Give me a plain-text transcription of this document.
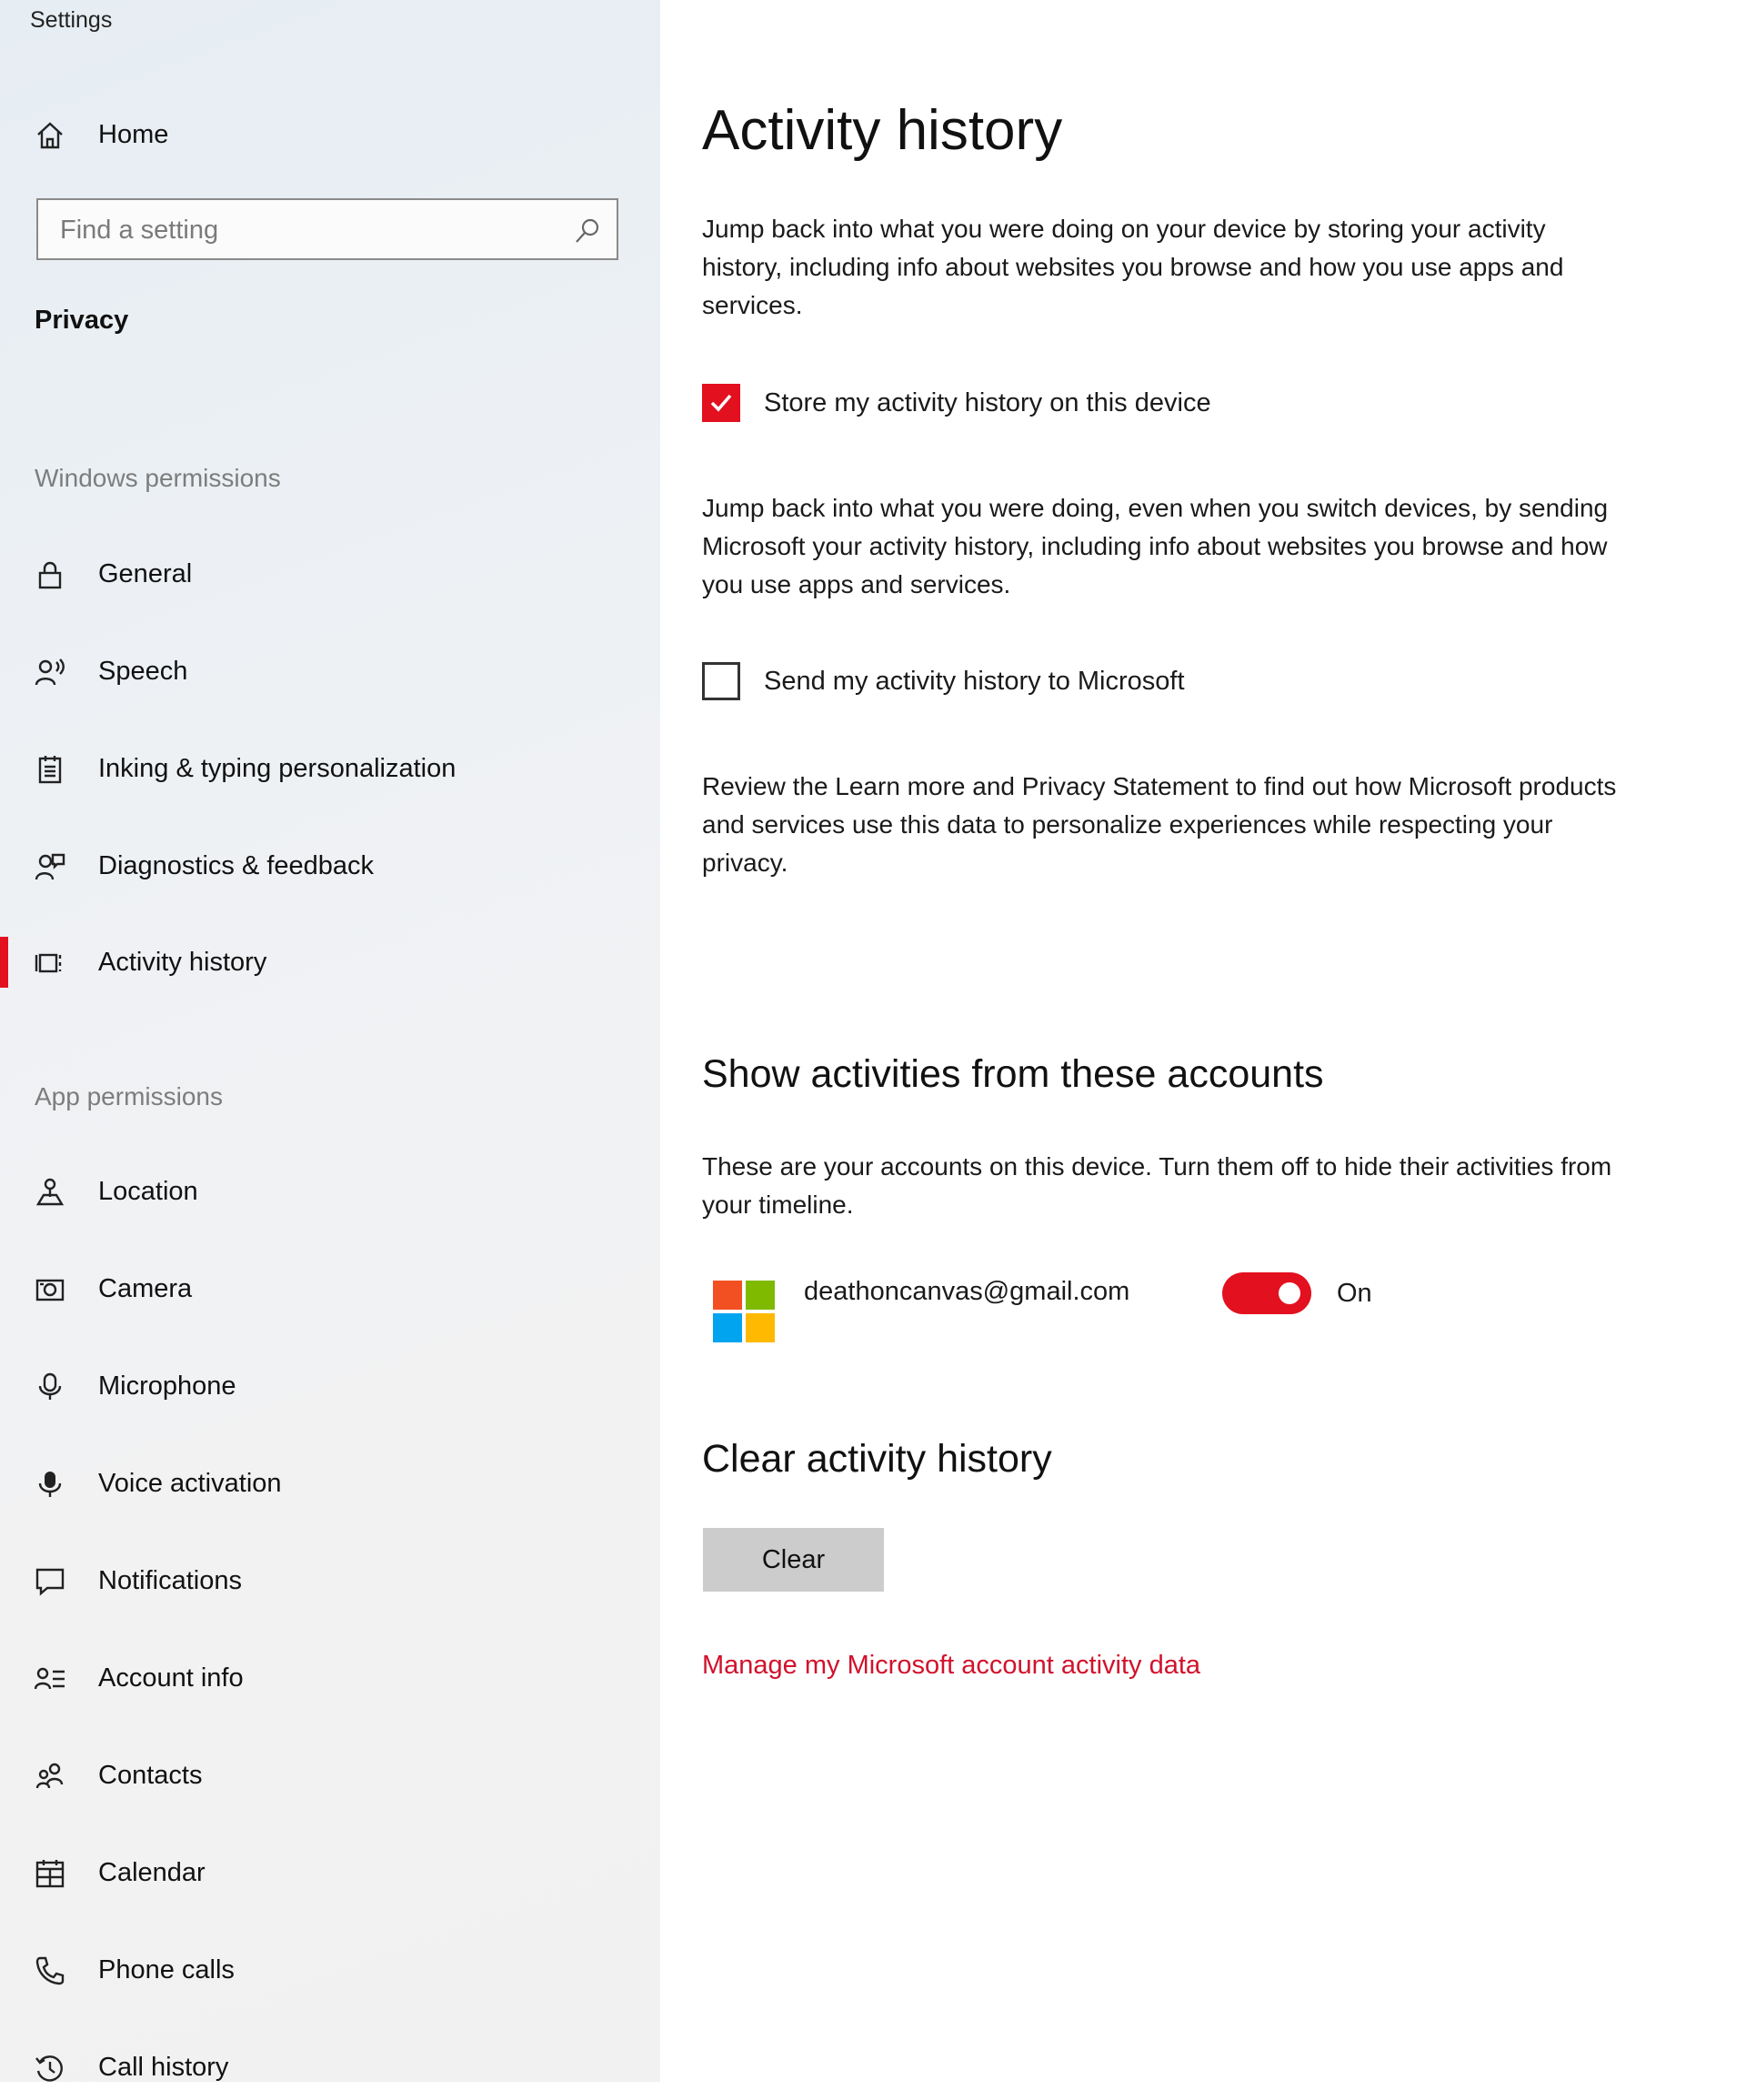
Settings
Home
Find a setting
Privacy
Windows permissions
General
Speech
Inking & typing personalization
Diagnostics & feedback
Activity history
App permissions
Location
Camera
Microphone
Voice activation
Notifications
Account info
Contacts
Calendar
Phone calls
Call history
Activity history
Jump back into what you were doing on your device by storing your activity history, including info about websites you browse and how you use apps and services.
Store my activity history on this device
Jump back into what you were doing, even when you switch devices, by sending Microsoft your activity history, including info about websites you browse and how you use apps and services.
Send my activity history to Microsoft
Review the Learn more and Privacy Statement to find out how Microsoft products and services use this data to personalize experiences while respecting your privacy.
Show activities from these accounts
These are your accounts on this device. Turn them off to hide their activities from your timeline.
deathoncanvas@gmail.com	On
Clear activity history
Clear
Manage my Microsoft account activity data
